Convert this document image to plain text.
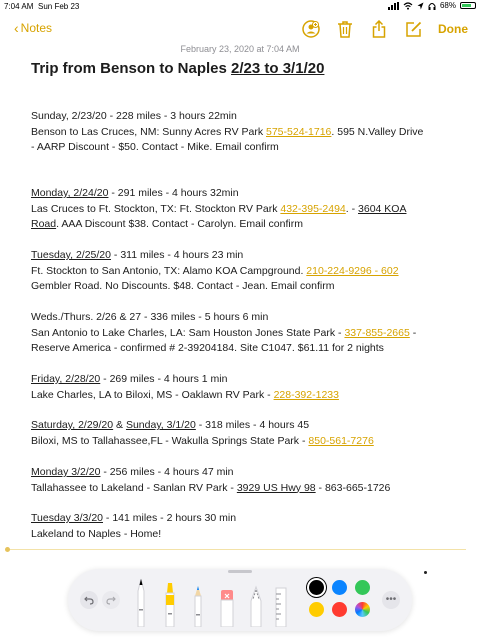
7:04 AM Sun Feb 23	68%
‹ Notes	Done
February 23, 2020 at 7:04 AM
Trip from Benson to Naples 2/23 to 3/1/20
Sunday, 2/23/20 - 228 miles - 3 hours 22min
Benson to Las Cruces, NM: Sunny Acres RV Park 575-524-1716. 595 N.Valley Drive
- AARP Discount - $50. Contact - Mike. Email confirm
Monday, 2/24/20 - 291 miles - 4 hours 32min
Las Cruces to Ft. Stockton, TX: Ft. Stockton RV Park 432-395-2494. - 3604 KOA
Road. AAA Discount $38. Contact - Carolyn. Email confirm
Tuesday, 2/25/20 - 311 miles - 4 hours 23 min
Ft. Stockton to San Antonio, TX: Alamo KOA Campground. 210-224-9296 - 602
Gembler Road. No Discounts. $48. Contact - Jean. Email confirm
Weds./Thurs. 2/26 & 27 - 336 miles - 5 hours 6 min
San Antonio to Lake Charles, LA: Sam Houston Jones State Park - 337-855-2665 -
Reserve America - confirmed # 2-39204184. Site C1047. $61.11 for 2 nights
Friday, 2/28/20 - 269 miles - 4 hours 1 min
Lake Charles, LA to Biloxi, MS - Oaklawn RV Park - 228-392-1233
Saturday, 2/29/20 & Sunday, 3/1/20 - 318 miles - 4 hours 45
Biloxi, MS to Tallahassee,FL - Wakulla Springs State Park - 850-561-7276
Monday 3/2/20 - 256 miles - 4 hours 47 min
Tallahassee to Lakeland - Sanlan RV Park - 3929 US Hwy 98 - 863-665-1726
Tuesday 3/3/20 - 141 miles - 2 hours 30 min
Lakeland to Naples - Home!
•••
